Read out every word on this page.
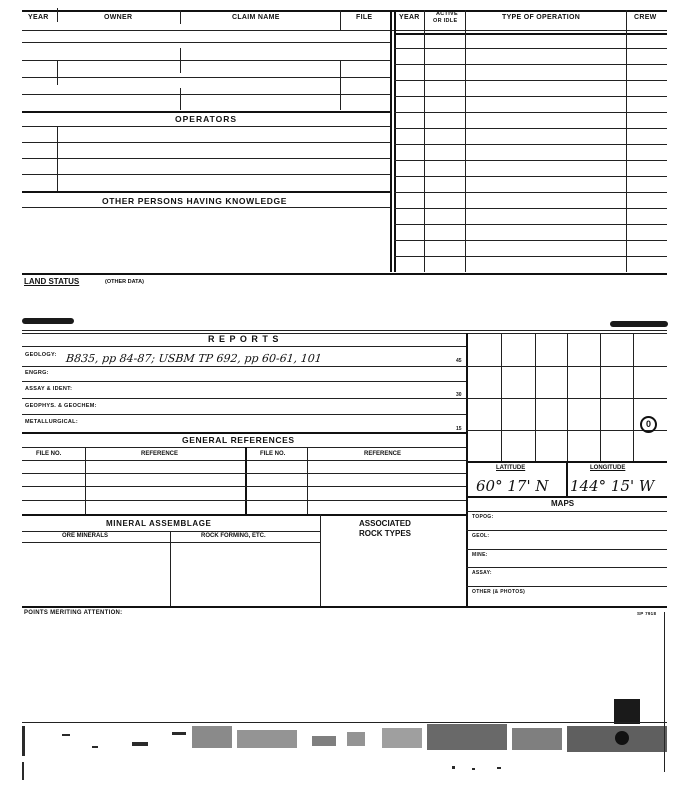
YEAR	OWNER	CLAIM NAME	FILE	YEAR	ACTIVE
OR IDLE	TYPE OF OPERATION	CREW
OPERATORS
OTHER PERSONS HAVING KNOWLEDGE
LAND STATUS	(OTHER DATA)
R E P O R T S
GEOLOGY: B835, pp 84-87; USBM TP 692, pp 60-61, 101	45
ENGRG:
ASSAY & IDENT:
30
GEOPHYS. & GEOCHEM:
METALLURGICAL:
15
GENERAL REFERENCES
FILE NO.	REFERENCE	FILE NO.	REFERENCE
MINERAL ASSEMBLAGE	ASSOCIATED
ROCK TYPES
ORE MINERALS	ROCK FORMING, ETC.
0
LATITUDE	LONGITUDE
60° 17' N 144° 15' W
MAPS
TOPOG:
GEOL:
MINE:
ASSAY:
OTHER (& PHOTOS)
POINTS MERITING ATTENTION:	SP 7918
